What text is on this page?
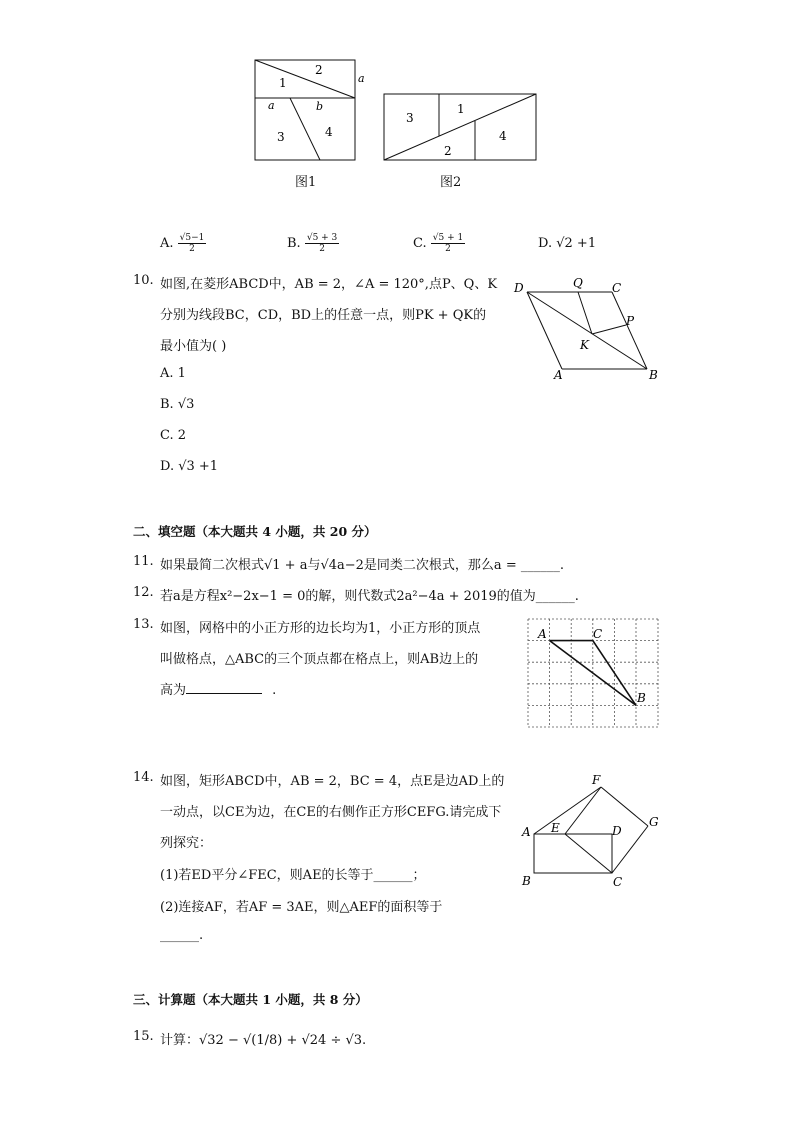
1
2
a
a	b
3	4
图1
3
1
2
4
图2
A. $\frac{√5-1}{2}$	B. $\frac{√5 + 3}{2}$	C. $\frac{√5 + 1}{2}$	D. √2 +1
10. 如图,在菱形ABCD中，AB = 2，∠A = 120°,点P、Q、K
分别为线段BC，CD，BD上的任意一点，则PK + QK的
最小值为( )
A. 1
B. √3
C. 2
D. √3 +1
D	Q C
P
K
A	B
二、填空题（本大题共 4 小题，共 20 分）
11. 如果最简二次根式√1 + a与√4a−2是同类二次根式，那么a = ______.
12. 若a是方程x²−2x−1 = 0的解，则代数式2a²−4a + 2019的值为______.
13. 如图，网格中的小正方形的边长均为1，小正方形的顶点
叫做格点，△ABC的三个顶点都在格点上，则AB边上的
高为	.
A	C
B
14. 如图，矩形ABCD中，AB = 2，BC = 4，点E是边AD上的
一动点，以CE为边，在CE的右侧作正方形CEFG.请完成下
列探究：
(1)若ED平分∠FEC，则AE的长等于______；
(2)连接AF，若AF = 3AE，则△AEF的面积等于
______.
F
A E	D
G
B	C
三、计算题（本大题共 1 小题，共 8 分）
15. 计算：√32 − √(1/8) + √24 ÷ √3.
